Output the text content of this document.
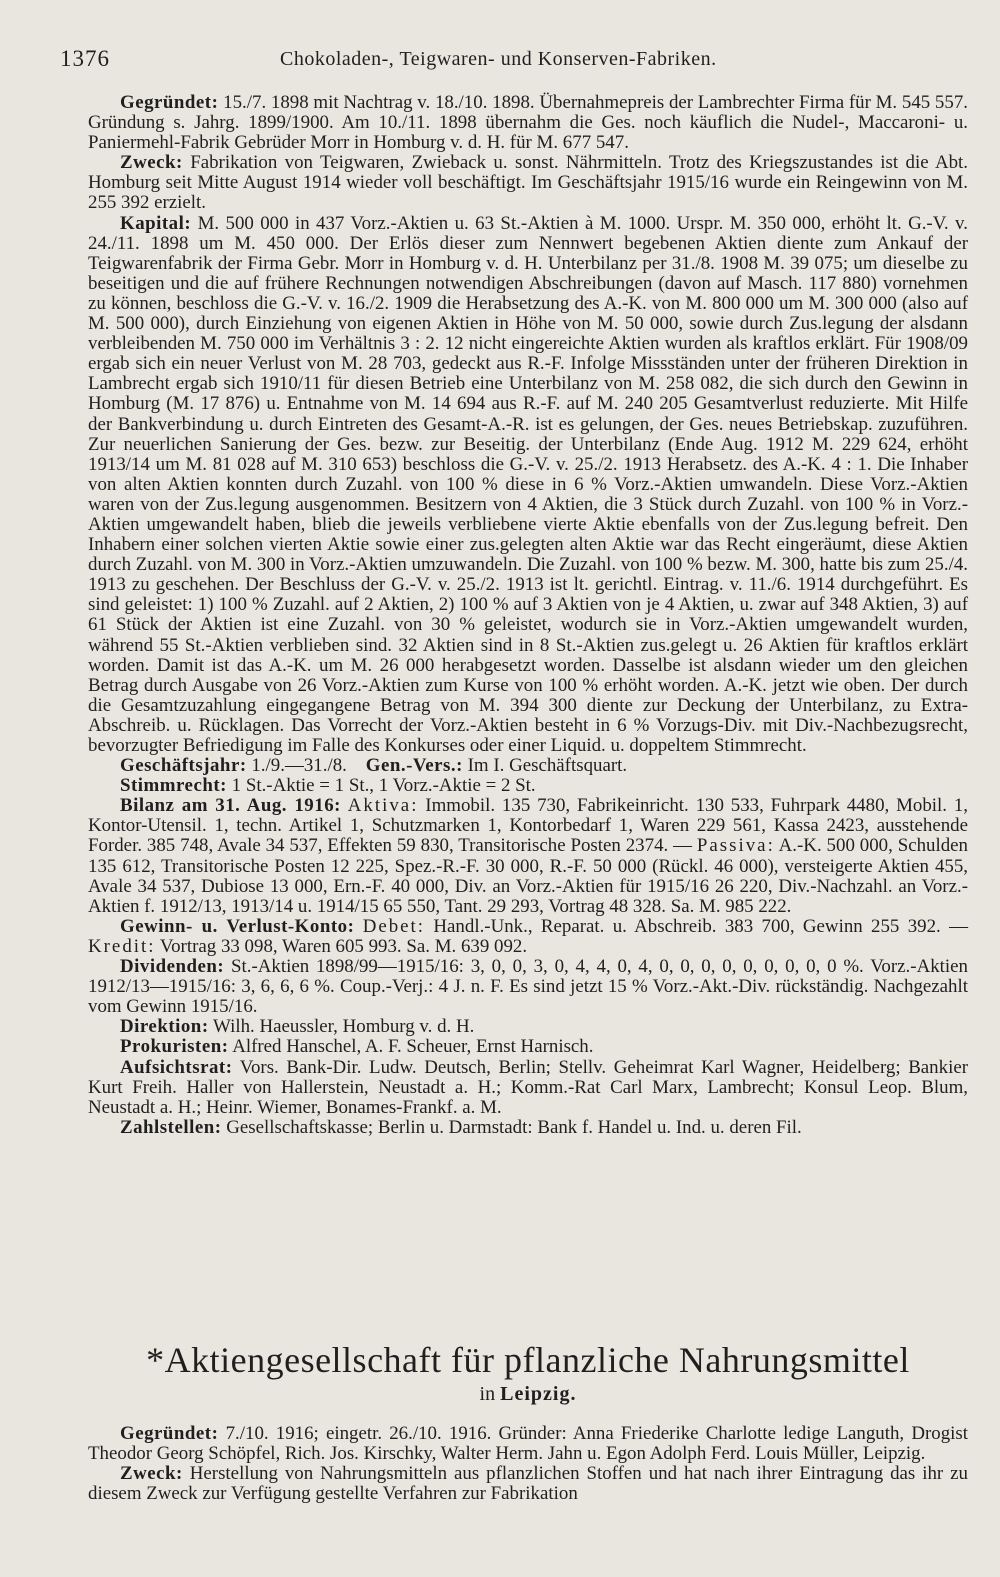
1376	Chokoladen-, Teigwaren- und Konserven-Fabriken.

Gegründet: 15./7. 1898 mit Nachtrag v. 18./10. 1898. Übernahmepreis der Lambrechter Firma für M. 545 557. Gründung s. Jahrg. 1899/1900. Am 10./11. 1898 übernahm die Ges. noch käuflich die Nudel-, Maccaroni- u. Paniermehl-Fabrik Gebrüder Morr in Homburg v. d. H. für M. 677 547.

Zweck: Fabrikation von Teigwaren, Zwieback u. sonst. Nährmitteln. Trotz des Kriegszustandes ist die Abt. Homburg seit Mitte August 1914 wieder voll beschäftigt. Im Geschäftsjahr 1915/16 wurde ein Reingewinn von M. 255 392 erzielt.

Kapital: M. 500 000 in 437 Vorz.-Aktien u. 63 St.-Aktien à M. 1000. Urspr. M. 350 000, erhöht lt. G.-V. v. 24./11. 1898 um M. 450 000. Der Erlös dieser zum Nennwert begebenen Aktien diente zum Ankauf der Teigwarenfabrik der Firma Gebr. Morr in Homburg v. d. H. Unterbilanz per 31./8. 1908 M. 39 075; um dieselbe zu beseitigen und die auf frühere Rechnungen notwendigen Abschreibungen (davon auf Masch. 117 880) vornehmen zu können, beschloss die G.-V. v. 16./2. 1909 die Herabsetzung des A.-K. von M. 800 000 um M. 300 000 (also auf M. 500 000), durch Einziehung von eigenen Aktien in Höhe von M. 50 000, sowie durch Zus.legung der alsdann verbleibenden M. 750 000 im Verhältnis 3 : 2. 12 nicht eingereichte Aktien wurden als kraftlos erklärt. Für 1908/09 ergab sich ein neuer Verlust von M. 28 703, gedeckt aus R.-F. Infolge Missständen unter der früheren Direktion in Lambrecht ergab sich 1910/11 für diesen Betrieb eine Unterbilanz von M. 258 082, die sich durch den Gewinn in Homburg (M. 17 876) u. Entnahme von M. 14 694 aus R.-F. auf M. 240 205 Gesamtverlust reduzierte. Mit Hilfe der Bankverbindung u. durch Eintreten des Gesamt-A.-R. ist es gelungen, der Ges. neues Betriebskap. zuzuführen. Zur neuerlichen Sanierung der Ges. bezw. zur Beseitig. der Unterbilanz (Ende Aug. 1912 M. 229 624, erhöht 1913/14 um M. 81 028 auf M. 310 653) beschloss die G.-V. v. 25./2. 1913 Herabsetz. des A.-K. 4 : 1. Die Inhaber von alten Aktien konnten durch Zuzahl. von 100 % diese in 6 % Vorz.-Aktien umwandeln. Diese Vorz.-Aktien waren von der Zus.legung ausgenommen. Besitzern von 4 Aktien, die 3 Stück durch Zuzahl. von 100 % in Vorz.-Aktien umgewandelt haben, blieb die jeweils verbliebene vierte Aktie ebenfalls von der Zus.legung befreit. Den Inhabern einer solchen vierten Aktie sowie einer zus.gelegten alten Aktie war das Recht eingeräumt, diese Aktien durch Zuzahl. von M. 300 in Vorz.-Aktien umzuwandeln. Die Zuzahl. von 100 % bezw. M. 300, hatte bis zum 25./4. 1913 zu geschehen. Der Beschluss der G.-V. v. 25./2. 1913 ist lt. gerichtl. Eintrag. v. 11./6. 1914 durchgeführt. Es sind geleistet: 1) 100 % Zuzahl. auf 2 Aktien, 2) 100 % auf 3 Aktien von je 4 Aktien, u. zwar auf 348 Aktien, 3) auf 61 Stück der Aktien ist eine Zuzahl. von 30 % geleistet, wodurch sie in Vorz.-Aktien umgewandelt wurden, während 55 St.-Aktien verblieben sind. 32 Aktien sind in 8 St.-Aktien zus.gelegt u. 26 Aktien für kraftlos erklärt worden. Damit ist das A.-K. um M. 26 000 herabgesetzt worden. Dasselbe ist alsdann wieder um den gleichen Betrag durch Ausgabe von 26 Vorz.-Aktien zum Kurse von 100 % erhöht worden. A.-K. jetzt wie oben. Der durch die Gesamtzuzahlung eingegangene Betrag von M. 394 300 diente zur Deckung der Unterbilanz, zu Extra-Abschreib. u. Rücklagen. Das Vorrecht der Vorz.-Aktien besteht in 6 % Vorzugs-Div. mit Div.-Nachbezugsrecht, bevorzugter Befriedigung im Falle des Konkurses oder einer Liquid. u. doppeltem Stimmrecht.

Geschäftsjahr: 1./9.—31./8. Gen.-Vers.: Im I. Geschäftsquart.

Stimmrecht: 1 St.-Aktie = 1 St., 1 Vorz.-Aktie = 2 St.

Bilanz am 31. Aug. 1916: Aktiva: Immobil. 135 730, Fabrikeinricht. 130 533, Fuhrpark 4480, Mobil. 1, Kontor-Utensil. 1, techn. Artikel 1, Schutzmarken 1, Kontorbedarf 1, Waren 229 561, Kassa 2423, ausstehende Forder. 385 748, Avale 34 537, Effekten 59 830, Transitorische Posten 2374. — Passiva: A.-K. 500 000, Schulden 135 612, Transitorische Posten 12 225, Spez.-R.-F. 30 000, R.-F. 50 000 (Rückl. 46 000), versteigerte Aktien 455, Avale 34 537, Dubiose 13 000, Ern.-F. 40 000, Div. an Vorz.-Aktien für 1915/16 26 220, Div.-Nachzahl. an Vorz.-Aktien f. 1912/13, 1913/14 u. 1914/15 65 550, Tant. 29 293, Vortrag 48 328. Sa. M. 985 222.

Gewinn- u. Verlust-Konto: Debet: Handl.-Unk., Reparat. u. Abschreib. 383 700, Gewinn 255 392. — Kredit: Vortrag 33 098, Waren 605 993. Sa. M. 639 092.

Dividenden: St.-Aktien 1898/99—1915/16: 3, 0, 0, 3, 0, 4, 4, 0, 4, 0, 0, 0, 0, 0, 0, 0, 0, 0 %. Vorz.-Aktien 1912/13—1915/16: 3, 6, 6, 6 %. Coup.-Verj.: 4 J. n. F. Es sind jetzt 15 % Vorz.-Akt.-Div. rückständig. Nachgezahlt vom Gewinn 1915/16.

Direktion: Wilh. Haeussler, Homburg v. d. H.

Prokuristen: Alfred Hanschel, A. F. Scheuer, Ernst Harnisch.

Aufsichtsrat: Vors. Bank-Dir. Ludw. Deutsch, Berlin; Stellv. Geheimrat Karl Wagner, Heidelberg; Bankier Kurt Freih. Haller von Hallerstein, Neustadt a. H.; Komm.-Rat Carl Marx, Lambrecht; Konsul Leop. Blum, Neustadt a. H.; Heinr. Wiemer, Bonames-Frankf. a. M.

Zahlstellen: Gesellschaftskasse; Berlin u. Darmstadt: Bank f. Handel u. Ind. u. deren Fil.

*Aktiengesellschaft für pflanzliche Nahrungsmittel
in Leipzig.

Gegründet: 7./10. 1916; eingetr. 26./10. 1916. Gründer: Anna Friederike Charlotte ledige Languth, Drogist Theodor Georg Schöpfel, Rich. Jos. Kirschky, Walter Herm. Jahn u. Egon Adolph Ferd. Louis Müller, Leipzig.

Zweck: Herstellung von Nahrungsmitteln aus pflanzlichen Stoffen und hat nach ihrer Eintragung das ihr zu diesem Zweck zur Verfügung gestellte Verfahren zur Fabrikation
